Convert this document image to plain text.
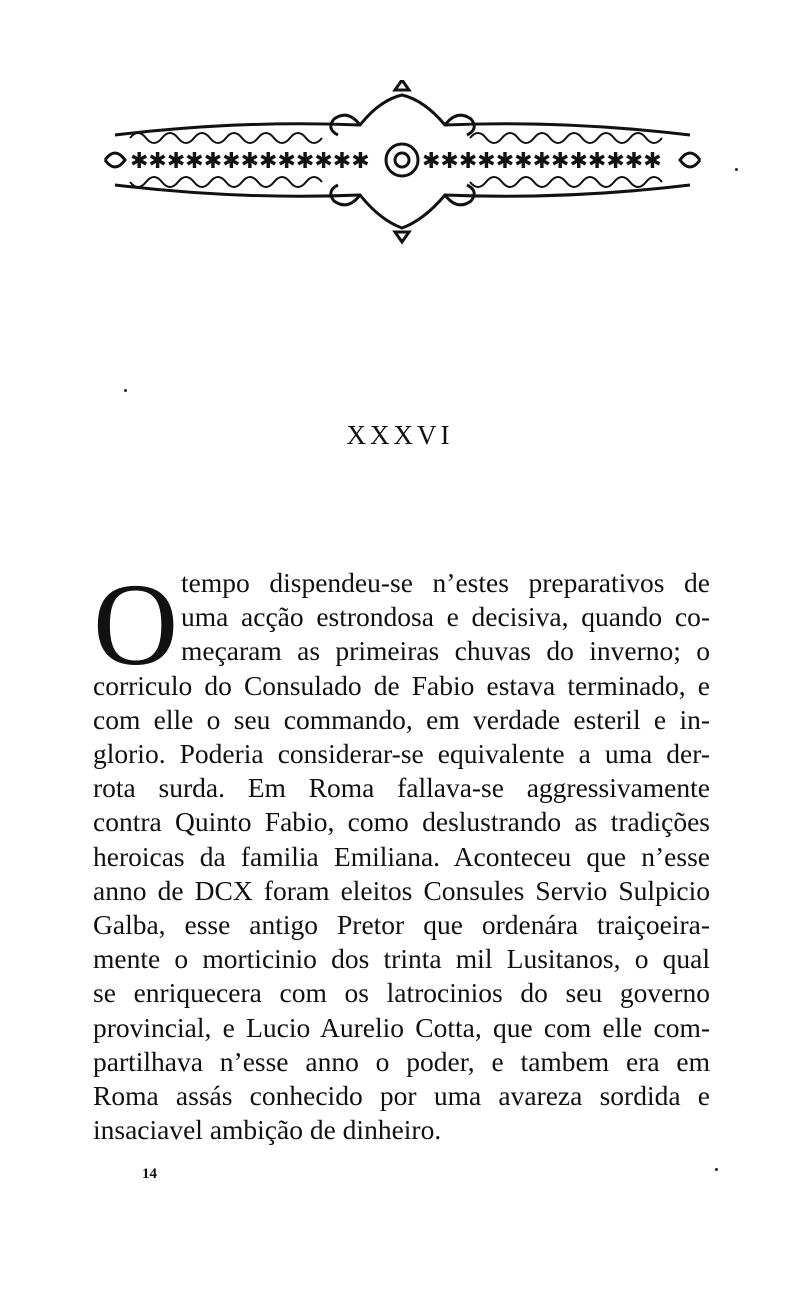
✱✱✱✱✱✱✱✱✱✱✱✱✱ ✱✱✱✱✱✱✱✱✱✱✱✱✱
XXXVI
O tempo dispendeu-se n’estes preparativos de
uma acção estrondosa e decisiva, quando co-
meçaram as primeiras chuvas do inverno; o
corriculo do Consulado de Fabio estava terminado, e
com elle o seu commando, em verdade esteril e in-
glorio. Poderia considerar-se equivalente a uma der-
rota surda. Em Roma fallava-se aggressivamente
contra Quinto Fabio, como deslustrando as tradições
heroicas da familia Emiliana. Aconteceu que n’esse
anno de DCX foram eleitos Consules Servio Sulpicio
Galba, esse antigo Pretor que ordenára traiçoeira-
mente o morticinio dos trinta mil Lusitanos, o qual
se enriquecera com os latrocinios do seu governo
provincial, e Lucio Aurelio Cotta, que com elle com-
partilhava n’esse anno o poder, e tambem era em
Roma assás conhecido por uma avareza sordida e
insaciavel ambição de dinheiro.

14
